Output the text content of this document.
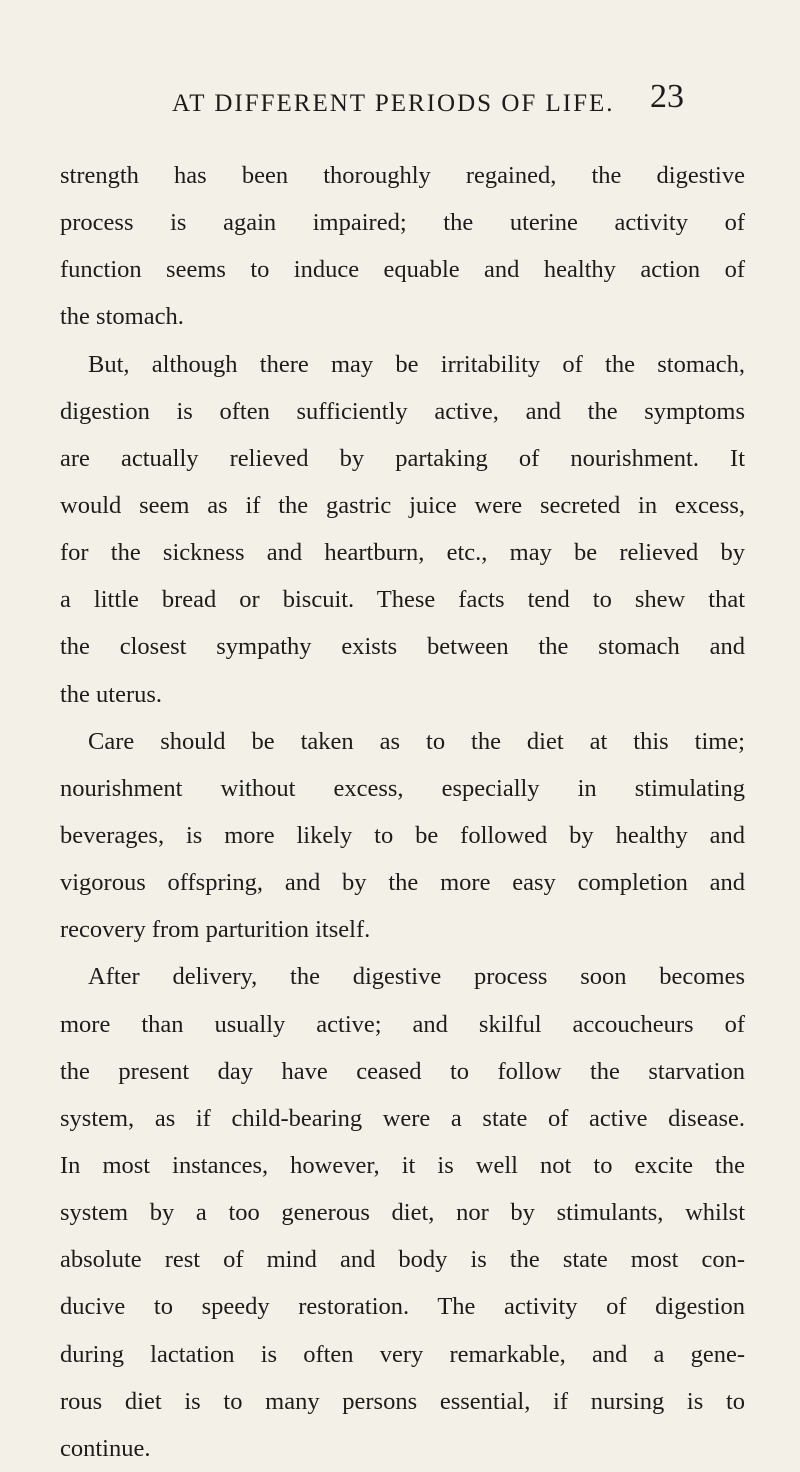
AT DIFFERENT PERIODS OF LIFE. 23
strength has been thoroughly regained, the digestive
process is again impaired; the uterine activity of
function seems to induce equable and healthy action of
the stomach.
But, although there may be irritability of the stomach,
digestion is often sufficiently active, and the symptoms
are actually relieved by partaking of nourishment. It
would seem as if the gastric juice were secreted in excess,
for the sickness and heartburn, etc., may be relieved by
a little bread or biscuit. These facts tend to shew that
the closest sympathy exists between the stomach and
the uterus.
Care should be taken as to the diet at this time;
nourishment without excess, especially in stimulating
beverages, is more likely to be followed by healthy and
vigorous offspring, and by the more easy completion and
recovery from parturition itself.
After delivery, the digestive process soon becomes
more than usually active; and skilful accoucheurs of
the present day have ceased to follow the starvation
system, as if child-bearing were a state of active disease.
In most instances, however, it is well not to excite the
system by a too generous diet, nor by stimulants, whilst
absolute rest of mind and body is the state most con-
ducive to speedy restoration. The activity of digestion
during lactation is often very remarkable, and a gene-
rous diet is to many persons essential, if nursing is to
continue.
